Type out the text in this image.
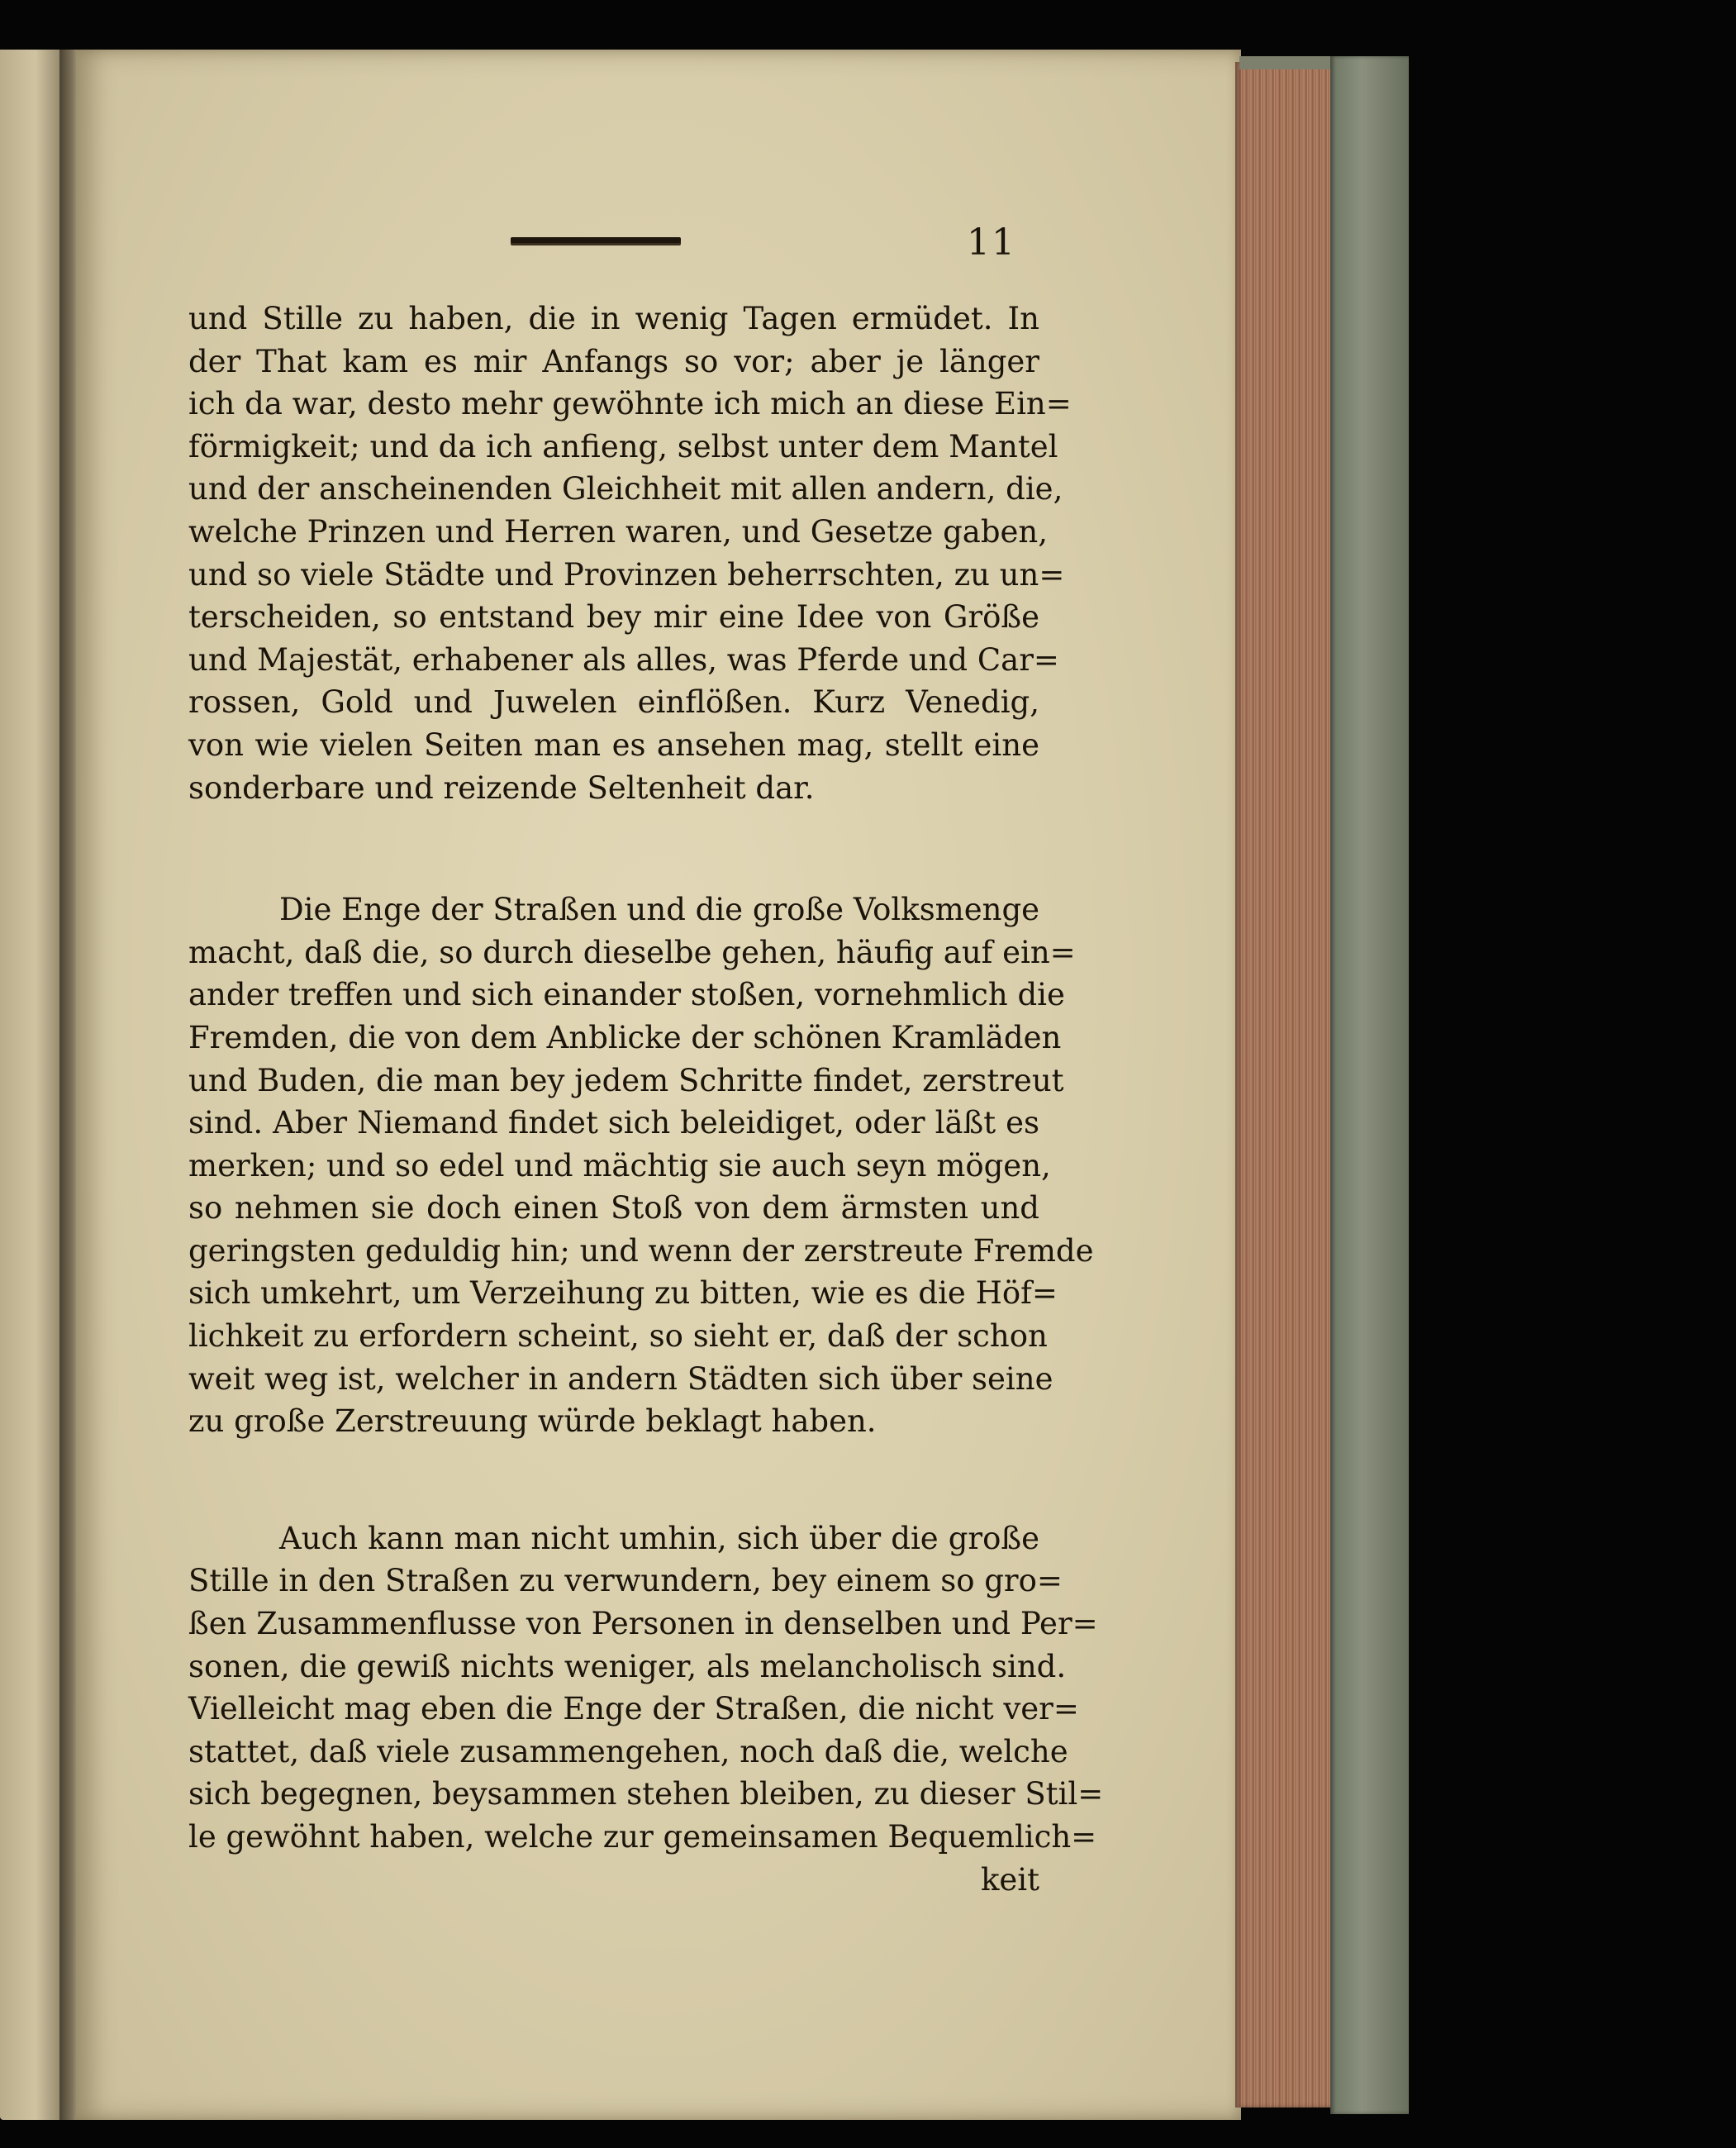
11
und Stille zu haben, die in wenig Tagen ermüdet. In
der That kam es mir Anfangs so vor; aber je länger
ich da war, desto mehr gewöhnte ich mich an diese Ein=
förmigkeit; und da ich anfieng, selbst unter dem Mantel
und der anscheinenden Gleichheit mit allen andern, die,
welche Prinzen und Herren waren, und Gesetze gaben,
und so viele Städte und Provinzen beherrschten, zu un=
terscheiden, so entstand bey mir eine Idee von Größe
und Majestät, erhabener als alles, was Pferde und Car=
rossen, Gold und Juwelen einflößen. Kurz Venedig,
von wie vielen Seiten man es ansehen mag, stellt eine
sonderbare und reizende Seltenheit dar.
Die Enge der Straßen und die große Volksmenge
macht, daß die, so durch dieselbe gehen, häufig auf ein=
ander treffen und sich einander stoßen, vornehmlich die
Fremden, die von dem Anblicke der schönen Kramläden
und Buden, die man bey jedem Schritte findet, zerstreut
sind. Aber Niemand findet sich beleidiget, oder läßt es
merken; und so edel und mächtig sie auch seyn mögen,
so nehmen sie doch einen Stoß von dem ärmsten und
geringsten geduldig hin; und wenn der zerstreute Fremde
sich umkehrt, um Verzeihung zu bitten, wie es die Höf=
lichkeit zu erfordern scheint, so sieht er, daß der schon
weit weg ist, welcher in andern Städten sich über seine
zu große Zerstreuung würde beklagt haben.
Auch kann man nicht umhin, sich über die große
Stille in den Straßen zu verwundern, bey einem so gro=
ßen Zusammenflusse von Personen in denselben und Per=
sonen, die gewiß nichts weniger, als melancholisch sind.
Vielleicht mag eben die Enge der Straßen, die nicht ver=
stattet, daß viele zusammengehen, noch daß die, welche
sich begegnen, beysammen stehen bleiben, zu dieser Stil=
le gewöhnt haben, welche zur gemeinsamen Bequemlich=
keit
